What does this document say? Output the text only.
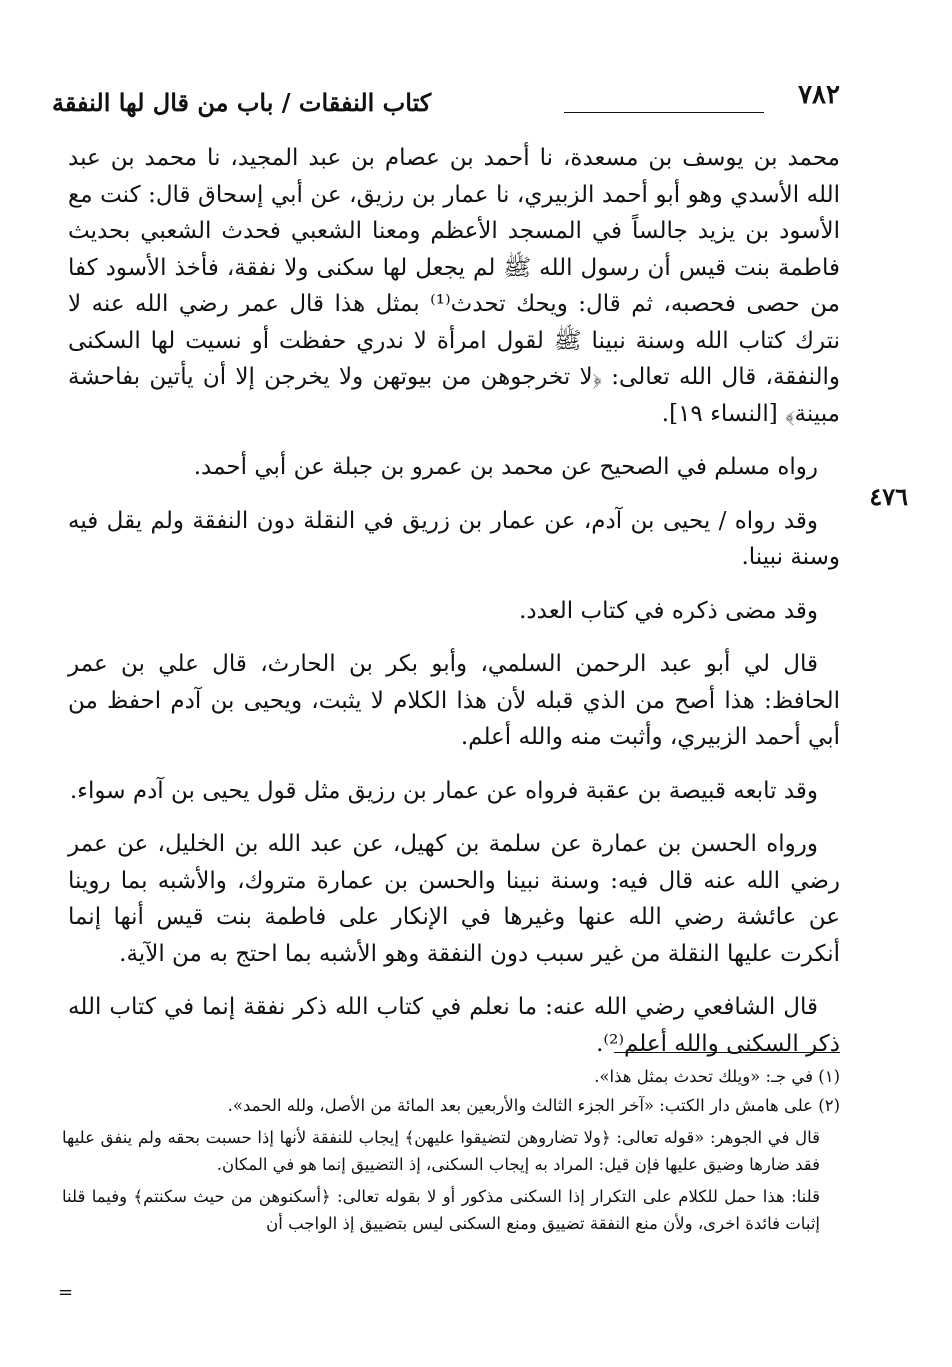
٧٨٢
كتاب النفقات / باب من قال لها النفقة
٤٧٦

محمد بن يوسف بن مسعدة، نا أحمد بن عصام بن عبد المجيد، نا محمد بن عبد الله الأسدي وهو أبو أحمد الزبيري، نا عمار بن رزيق، عن أبي إسحاق قال: كنت مع الأسود بن يزيد جالساً في المسجد الأعظم ومعنا الشعبي فحدث الشعبي بحديث فاطمة بنت قيس أن رسول الله ﷺ لم يجعل لها سكنى ولا نفقة، فأخذ الأسود كفا من حصى فحصبه، ثم قال: ويحك تحدث⁽¹⁾ بمثل هذا قال عمر رضي الله عنه لا نترك كتاب الله وسنة نبينا ﷺ لقول امرأة لا ندري حفظت أو نسيت لها السكنى والنفقة، قال الله تعالى: ﴿لا تخرجوهن من بيوتهن ولا يخرجن إلا أن يأتين بفاحشة مبينة﴾ [النساء ١٩].

رواه مسلم في الصحيح عن محمد بن عمرو بن جبلة عن أبي أحمد.

وقد رواه / يحيى بن آدم، عن عمار بن زريق في النقلة دون النفقة ولم يقل فيه وسنة نبينا.

وقد مضى ذكره في كتاب العدد.

قال لي أبو عبد الرحمن السلمي، وأبو بكر بن الحارث، قال علي بن عمر الحافظ: هذا أصح من الذي قبله لأن هذا الكلام لا يثبت، ويحيى بن آدم احفظ من أبي أحمد الزبيري، وأثبت منه والله أعلم.

وقد تابعه قبيصة بن عقبة فرواه عن عمار بن رزيق مثل قول يحيى بن آدم سواء.

ورواه الحسن بن عمارة عن سلمة بن كهيل، عن عبد الله بن الخليل، عن عمر رضي الله عنه قال فيه: وسنة نبينا والحسن بن عمارة متروك، والأشبه بما روينا عن عائشة رضي الله عنها وغيرها في الإنكار على فاطمة بنت قيس أنها إنما أنكرت عليها النقلة من غير سبب دون النفقة وهو الأشبه بما احتج به من الآية.

قال الشافعي رضي الله عنه: ما نعلم في كتاب الله ذكر نفقة إنما في كتاب الله ذكر السكنى والله أعلم⁽²⁾.

(١) في جـ: «ويلك تحدث بمثل هذا».

(٢) على هامش دار الكتب: «آخر الجزء الثالث والأربعين بعد المائة من الأصل، ولله الحمد».

قال في الجوهر: «قوله تعالى: ﴿ولا تضاروهن لتضيقوا عليهن﴾ إيجاب للنفقة لأنها إذا حسبت بحقه ولم ينفق عليها فقد ضارها وضيق عليها فإن قيل: المراد به إيجاب السكنى، إذ التضييق إنما هو في المكان.

قلنا: هذا حمل للكلام على التكرار إذا السكنى مذكور أو لا بقوله تعالى: ﴿أسكنوهن من حيث سكنتم﴾ وفيما قلنا إثبات فائدة اخرى، ولأن منع النفقة تضييق ومنع السكنى ليس بتضييق إذ الواجب أن

=
